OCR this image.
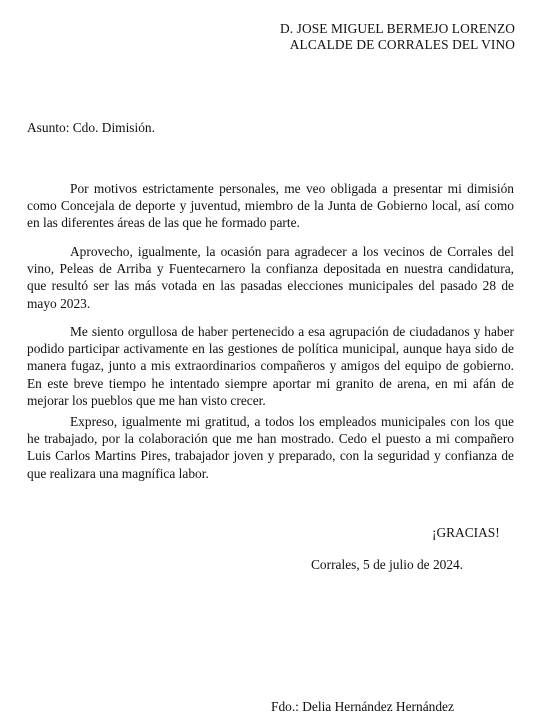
D. JOSE MIGUEL BERMEJO LORENZO
ALCALDE DE CORRALES DEL VINO
Asunto: Cdo. Dimisión.

Por motivos estrictamente personales, me veo obligada a presentar mi dimisión como Concejala de deporte y juventud, miembro de la Junta de Gobierno local, así como en las diferentes áreas de las que he formado parte.

Aprovecho, igualmente, la ocasión para agradecer a los vecinos de Corrales del vino, Peleas de Arriba y Fuentecarnero la confianza depositada en nuestra candidatura, que resultó ser las más votada en las pasadas elecciones municipales del pasado 28 de mayo 2023.

Me siento orgullosa de haber pertenecido a esa agrupación de ciudadanos y haber podido participar activamente en las gestiones de política municipal, aunque haya sido de manera fugaz, junto a mis extraordinarios compañeros y amigos del equipo de gobierno. En este breve tiempo he intentado siempre aportar mi granito de arena, en mi afán de mejorar los pueblos que me han visto crecer.

Expreso, igualmente mi gratitud, a todos los empleados municipales con los que he trabajado, por la colaboración que me han mostrado. Cedo el puesto a mi compañero Luis Carlos Martins Pires, trabajador joven y preparado, con la seguridad y confianza de que realizara una magnífica labor.

¡GRACIAS!
Corrales, 5 de julio de 2024.
Fdo.: Delia Hernández Hernández
